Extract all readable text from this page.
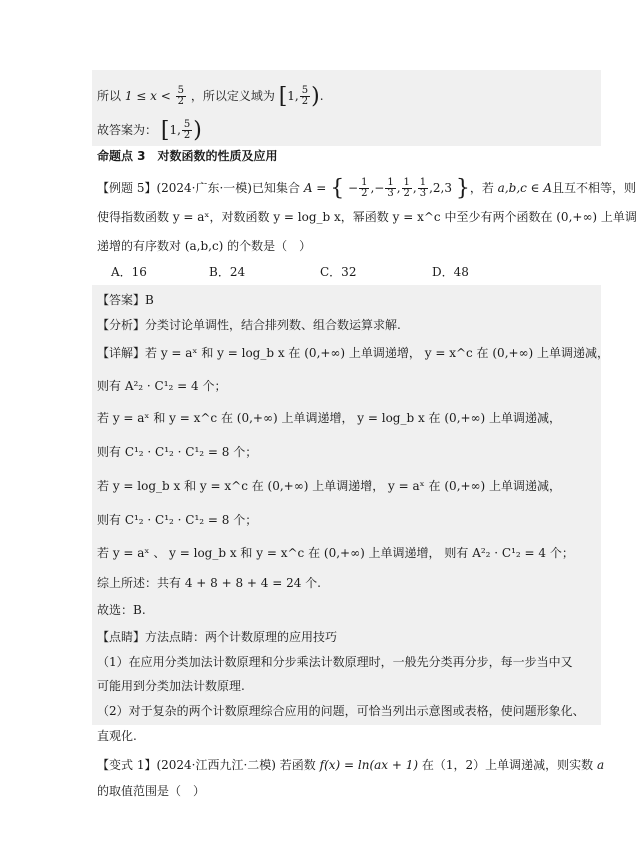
所以 $1 \le x < \frac{5}{2}$ ，所以定义域为 [1, $\frac{5}{2}$ ).
故答案为： [1, $\frac{5}{2}$ )
命题点 3　对数函数的性质及应用
【例题 5】(2024·广东·一模)已知集合 A = { − $\frac{1}{2}$ ,− $\frac{1}{3}$ , $\frac{1}{2}$ , $\frac{1}{3} ,2,3$ }，若 a,b,c ∈ A且互不相等，则
使得指数函数 y = aˣ，对数函数 y = log_b x，幂函数 y = x^c 中至少有两个函数在 (0,+∞) 上单调
递增的有序数对 (a,b,c) 的个数是（　）
A．16	B．24	C．32	D．48
【答案】B
【分析】分类讨论单调性，结合排列数、组合数运算求解.
【详解】若 y = aˣ 和 y = log_b x 在 (0,+∞) 上单调递增， y = x^c 在 (0,+∞) 上单调递减，
则有 A²₂ · C¹₂ = 4 个；
若 y = aˣ 和 y = x^c 在 (0,+∞) 上单调递增， y = log_b x 在 (0,+∞) 上单调递减，
则有 C¹₂ · C¹₂ · C¹₂ = 8 个；
若 y = log_b x 和 y = x^c 在 (0,+∞) 上单调递增， y = aˣ 在 (0,+∞) 上单调递减，
则有 C¹₂ · C¹₂ · C¹₂ = 8 个；
若 y = aˣ 、 y = log_b x 和 y = x^c 在 (0,+∞) 上单调递增， 则有 A²₂ · C¹₂ = 4 个；
综上所述：共有 4 + 8 + 8 + 4 = 24 个.
故选：B.
【点睛】方法点睛：两个计数原理的应用技巧
（1）在应用分类加法计数原理和分步乘法计数原理时，一般先分类再分步，每一步当中又
可能用到分类加法计数原理.
（2）对于复杂的两个计数原理综合应用的问题，可恰当列出示意图或表格，使问题形象化、
直观化.
【变式 1】(2024·江西九江·二模) 若函数 f(x) = ln(ax + 1) 在（1，2）上单调递减，则实数 a
的取值范围是（　）
